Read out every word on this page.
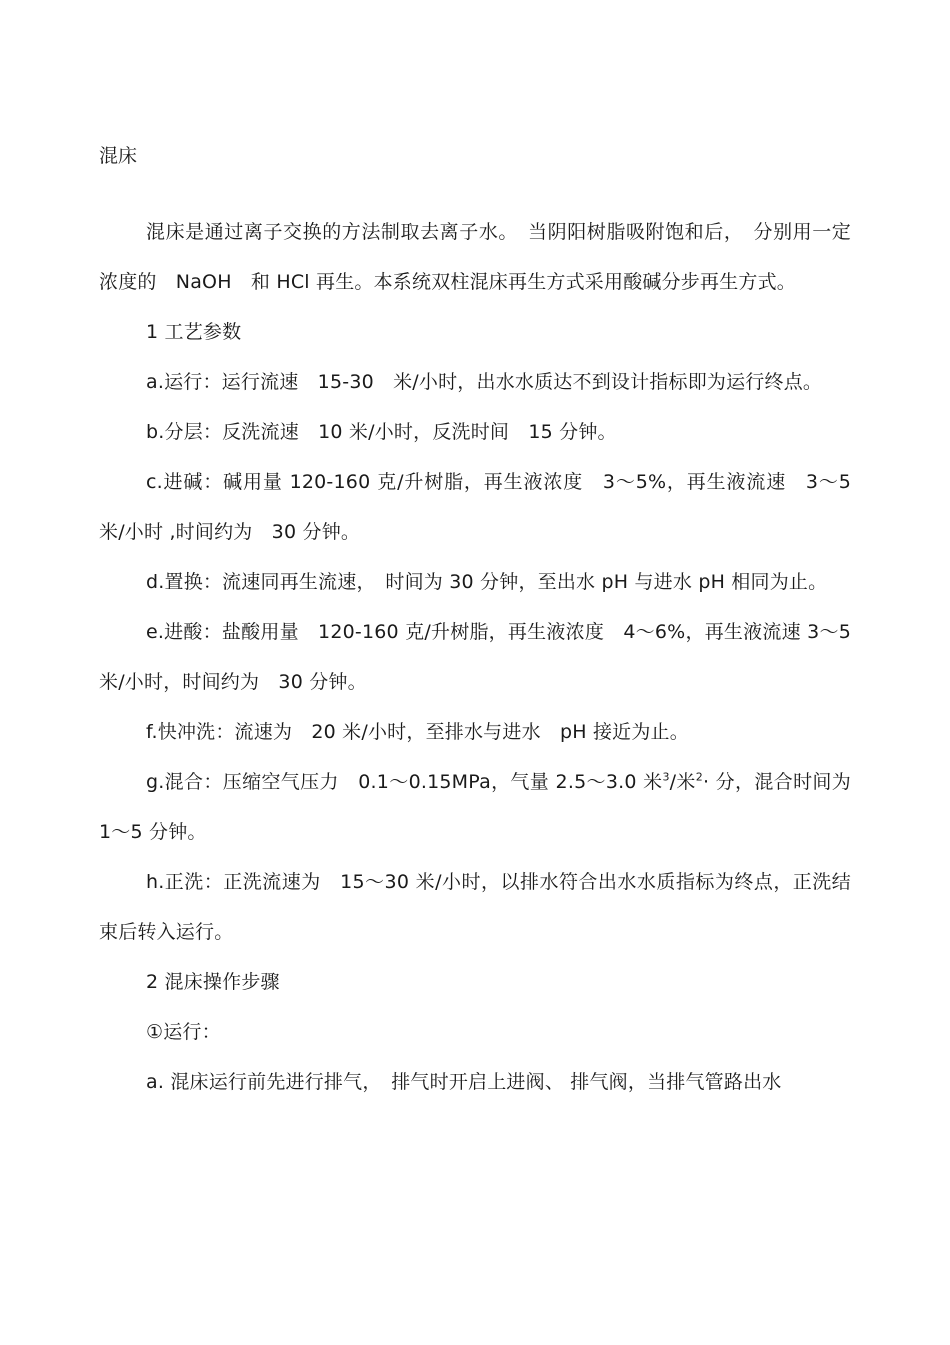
混床

混床是通过离子交换的方法制取去离子水。　当阴阳树脂吸附饱和后，　分别用一定浓度的　NaOH　和 HCl 再生。本系统双柱混床再生方式采用酸碱分步再生方式。

1 工艺参数

a.运行：运行流速　15-30　米/小时，出水水质达不到设计指标即为运行终点。

b.分层：反洗流速　10 米/小时，反洗时间　15 分钟。

c.进碱：碱用量 120-160 克/升树脂，再生液浓度　3～5%，再生液流速　3～5 米/小时 ,时间约为　30 分钟。

d.置换：流速同再生流速，　时间为 30 分钟，至出水 pH 与进水 pH 相同为止。

e.进酸：盐酸用量　120-160 克/升树脂，再生液浓度　4～6%，再生液流速 3～5 米/小时，时间约为　30 分钟。

f.快冲洗：流速为　20 米/小时，至排水与进水　pH 接近为止。

g.混合：压缩空气压力　0.1～0.15MPa，气量 2.5～3.0 米$^3$/米$^2$· 分，混合时间为 1～5 分钟。

h.正洗：正洗流速为　15～30 米/小时，以排水符合出水水质指标为终点，正洗结束后转入运行。

2 混床操作步骤

①运行：

a. 混床运行前先进行排气，　排气时开启上进阀、 排气阀，当排气管路出水
